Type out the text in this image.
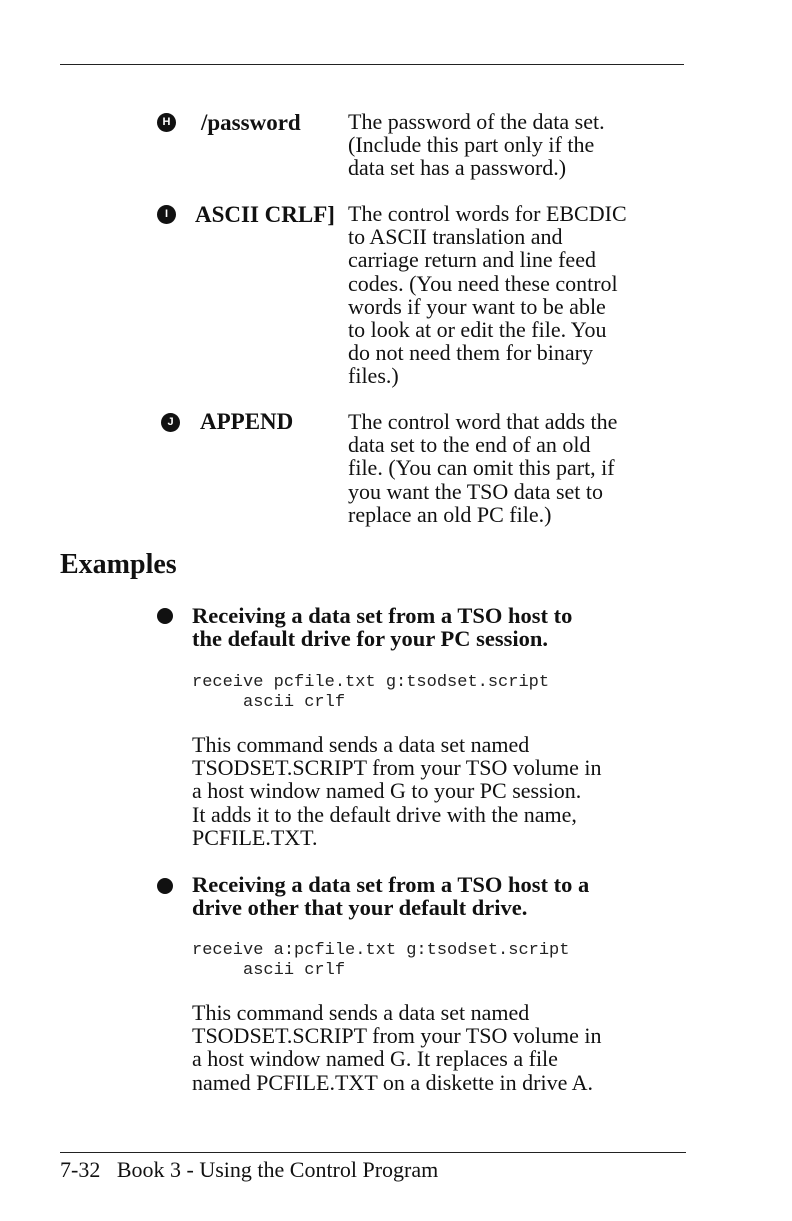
H /password The password of the data set.
(Include this part only if the
data set has a password.)
I	ASCII CRLF] The control words for EBCDIC
to ASCII translation and
carriage return and line feed
codes. (You need these control
words if your want to be able
to look at or edit the file. You
do not need them for binary
files.)
J APPEND The control word that adds the
data set to the end of an old
file. (You can omit this part, if
you want the TSO data set to
replace an old PC file.)
Examples
Receiving a data set from a TSO host to
the default drive for your PC session.
receive pcfile.txt g:tsodset.script
ascii crlf
This command sends a data set named
TSODSET.SCRIPT from your TSO volume in
a host window named G to your PC session.
It adds it to the default drive with the name,
PCFILE.TXT.
Receiving a data set from a TSO host to a
drive other that your default drive.
receive a:pcfile.txt g:tsodset.script
ascii crlf
This command sends a data set named
TSODSET.SCRIPT from your TSO volume in
a host window named G. It replaces a file
named PCFILE.TXT on a diskette in drive A.
7-32 Book 3 - Using the Control Program
